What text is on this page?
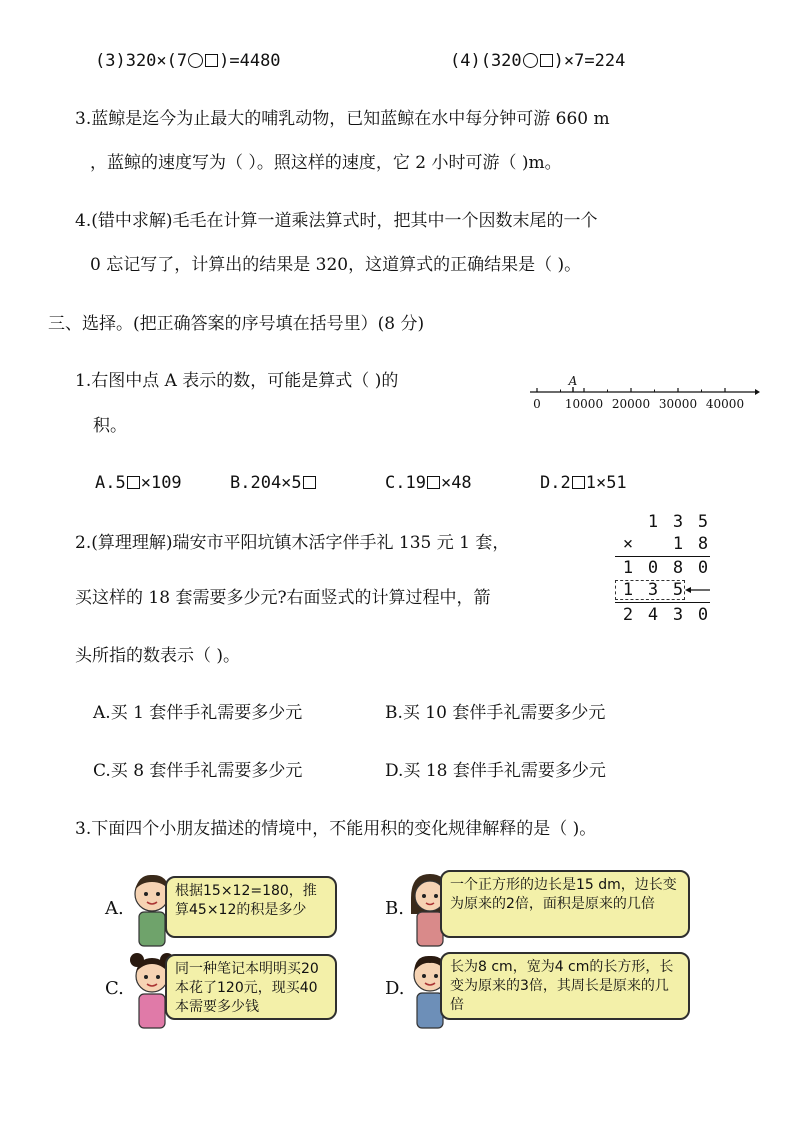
(3)320×(7 )=4480	(4)(320 )×7=224
3.蓝鲸是迄今为止最大的哺乳动物，已知蓝鲸在水中每分钟可游 660 m
，蓝鲸的速度写为（ ）。照这样的速度，它 2 小时可游（ )m。
4.(错中求解)毛毛在计算一道乘法算式时，把其中一个因数末尾的一个
0 忘记写了，计算出的结果是 320，这道算式的正确结果是（ )。
三、选择。(把正确答案的序号填在括号里）(8 分)
1.右图中点 A 表示的数，可能是算式（ )的
积。
0 10000 20000 30000 40000
A
A.5 ×109	B.204×5	C.19 ×48	D.2 1×51
2.(算理理解)瑞安市平阳坑镇木活字伴手礼 135 元 1 套，
买这样的 18 套需要多少元?右面竖式的计算过程中，箭
头所指的数表示（ )。
1 3 5
× 1 8
1 0 8 0
1 3 5
2 4 3 0
A.买 1 套伴手礼需要多少元	B.买 10 套伴手礼需要多少元
C.买 8 套伴手礼需要多少元	D.买 18 套伴手礼需要多少元
3.下面四个小朋友描述的情境中，不能用积的变化规律解释的是（ )。
A.
根据15×12=180，推算45×12的积是多少	B.
一个正方形的边长是15 dm，边长变为原来的2倍，面积是原来的几倍
C.
同一种笔记本明明买20本花了120元，现买40本需要多少钱
D.
长为8 cm，宽为4 cm的长方形，长变为原来的3倍，其周长是原来的几倍
